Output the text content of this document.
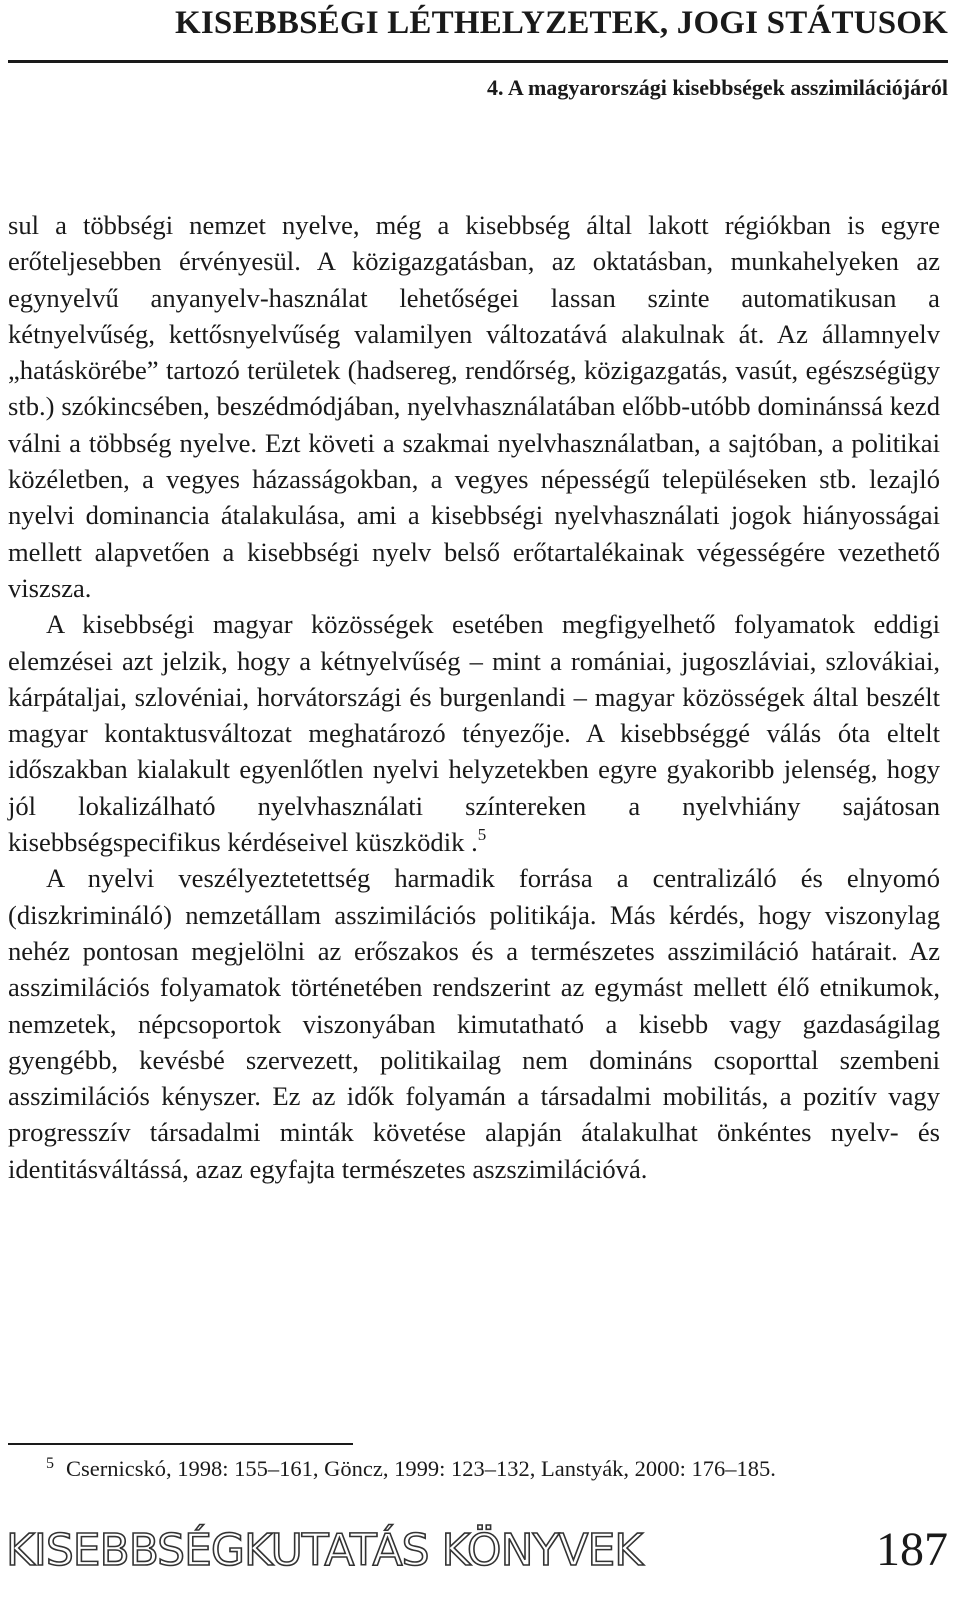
KISEBBSÉGI LÉTHELYZETEK, JOGI STÁTUSOK
4. A magyarországi kisebbségek asszimilációjáról

sul a többségi nemzet nyelve, még a kisebbség által lakott régiókban is egyre erőteljesebben érvényesül. A közigazgatásban, az oktatásban, munkahelyeken az egynyelvű anyanyelv-használat lehetőségei lassan szinte automatikusan a kétnyelvűség, kettősnyelvűség valamilyen változatává alakulnak át. Az államnyelv „hatáskörébe” tartozó területek (hadsereg, rendőrség, közigazgatás, vasút, egészségügy stb.) szókincsében, beszédmódjában, nyelvhasználatában előbb-utóbb dominánssá kezd válni a többség nyelve. Ezt követi a szakmai nyelvhasználatban, a sajtóban, a politikai közéletben, a vegyes házasságokban, a vegyes népességű településeken stb. lezajló nyelvi dominancia átalakulása, ami a kisebbségi nyelvhasználati jogok hiányosságai mellett alapvetően a kisebbségi nyelv belső erőtartalékainak végességére vezethető viszsza.

A kisebbségi magyar közösségek esetében megfigyelhető folyamatok eddigi elemzései azt jelzik, hogy a kétnyelvűség – mint a romániai, jugoszláviai, szlovákiai, kárpátaljai, szlovéniai, horvátországi és burgenlandi – magyar közösségek által beszélt magyar kontaktusváltozat meghatározó tényezője. A kisebbséggé válás óta eltelt időszakban kialakult egyenlőtlen nyelvi helyzetekben egyre gyakoribb jelenség, hogy jól lokalizálható nyelvhasználati színtereken a nyelvhiány sajátosan kisebbségspecifikus kérdéseivel küszködik .$^5$

A nyelvi veszélyeztetettség harmadik forrása a centralizáló és elnyomó (diszkrimináló) nemzetállam asszimilációs politikája. Más kérdés, hogy viszonylag nehéz pontosan megjelölni az erőszakos és a természetes asszimiláció határait. Az asszimilációs folyamatok történetében rendszerint az egymást mellett élő etnikumok, nemzetek, népcsoportok viszonyában kimutatható a kisebb vagy gazdaságilag gyengébb, kevésbé szervezett, politikailag nem domináns csoporttal szembeni asszimilációs kényszer. Ez az idők folyamán a társadalmi mobilitás, a pozitív vagy progresszív társadalmi minták követése alapján átalakulhat önkéntes nyelv- és identitásváltássá, azaz egyfajta természetes aszszimilációvá.

5 Csernicskó, 1998: 155–161, Göncz, 1999: 123–132, Lanstyák, 2000: 176–185.
KISEBBSÉGKUTATÁS KÖNYVEK	187
